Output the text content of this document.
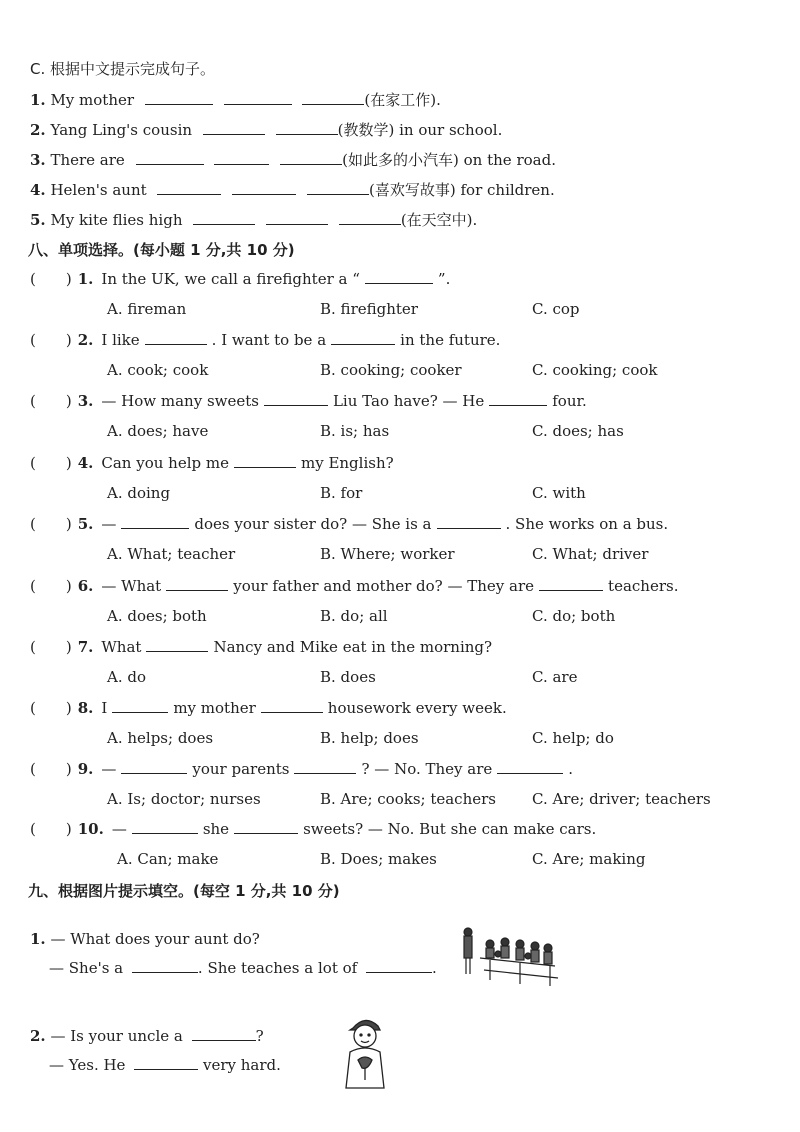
C. 根据中文提示完成句子。
1. My mother	(在家工作).
2. Yang Ling's cousin	(教数学) in our school.
3. There are	(如此多的小汽车) on the road.
4. Helen's aunt	(喜欢写故事) for children.
5. My kite flies high	(在天空中).
八、单项选择。(每小题 1 分,共 10 分)
( ) 1. In the UK, we call a firefighter a “	”.
A. fireman	B. firefighter	C. cop
( ) 2. I like	. I want to be a	in the future.
A. cook; cook	B. cooking; cooker	C. cooking; cook
( ) 3. — How many sweets	Liu Tao have? — He	four.
A. does; have	B. is; has	C. does; has
( ) 4. Can you help me	my English?
A. doing	B. for	C. with
( ) 5. —	does your sister do? — She is a	. She works on a bus.
A. What; teacher	B. Where; worker	C. What; driver
( ) 6. — What	your father and mother do? — They are	teachers.
A. does; both	B. do; all	C. do; both
( ) 7. What	Nancy and Mike eat in the morning?
A. do	B. does	C. are
( ) 8. I	my mother	housework every week.
A. helps; does	B. help; does	C. help; do
( ) 9. —	your parents	? — No. They are	.
A. Is; doctor; nurses	B. Are; cooks; teachers C. Are; driver; teachers
( ) 10. —	she	sweets? — No. But she can make cars.
A. Can; make	B. Does; makes	C. Are; making
九、根据图片提示填空。(每空 1 分,共 10 分)
1. — What does your aunt do?
— She's a	. She teaches a lot of	.
2. — Is your uncle a	?
— Yes. He	very hard.
